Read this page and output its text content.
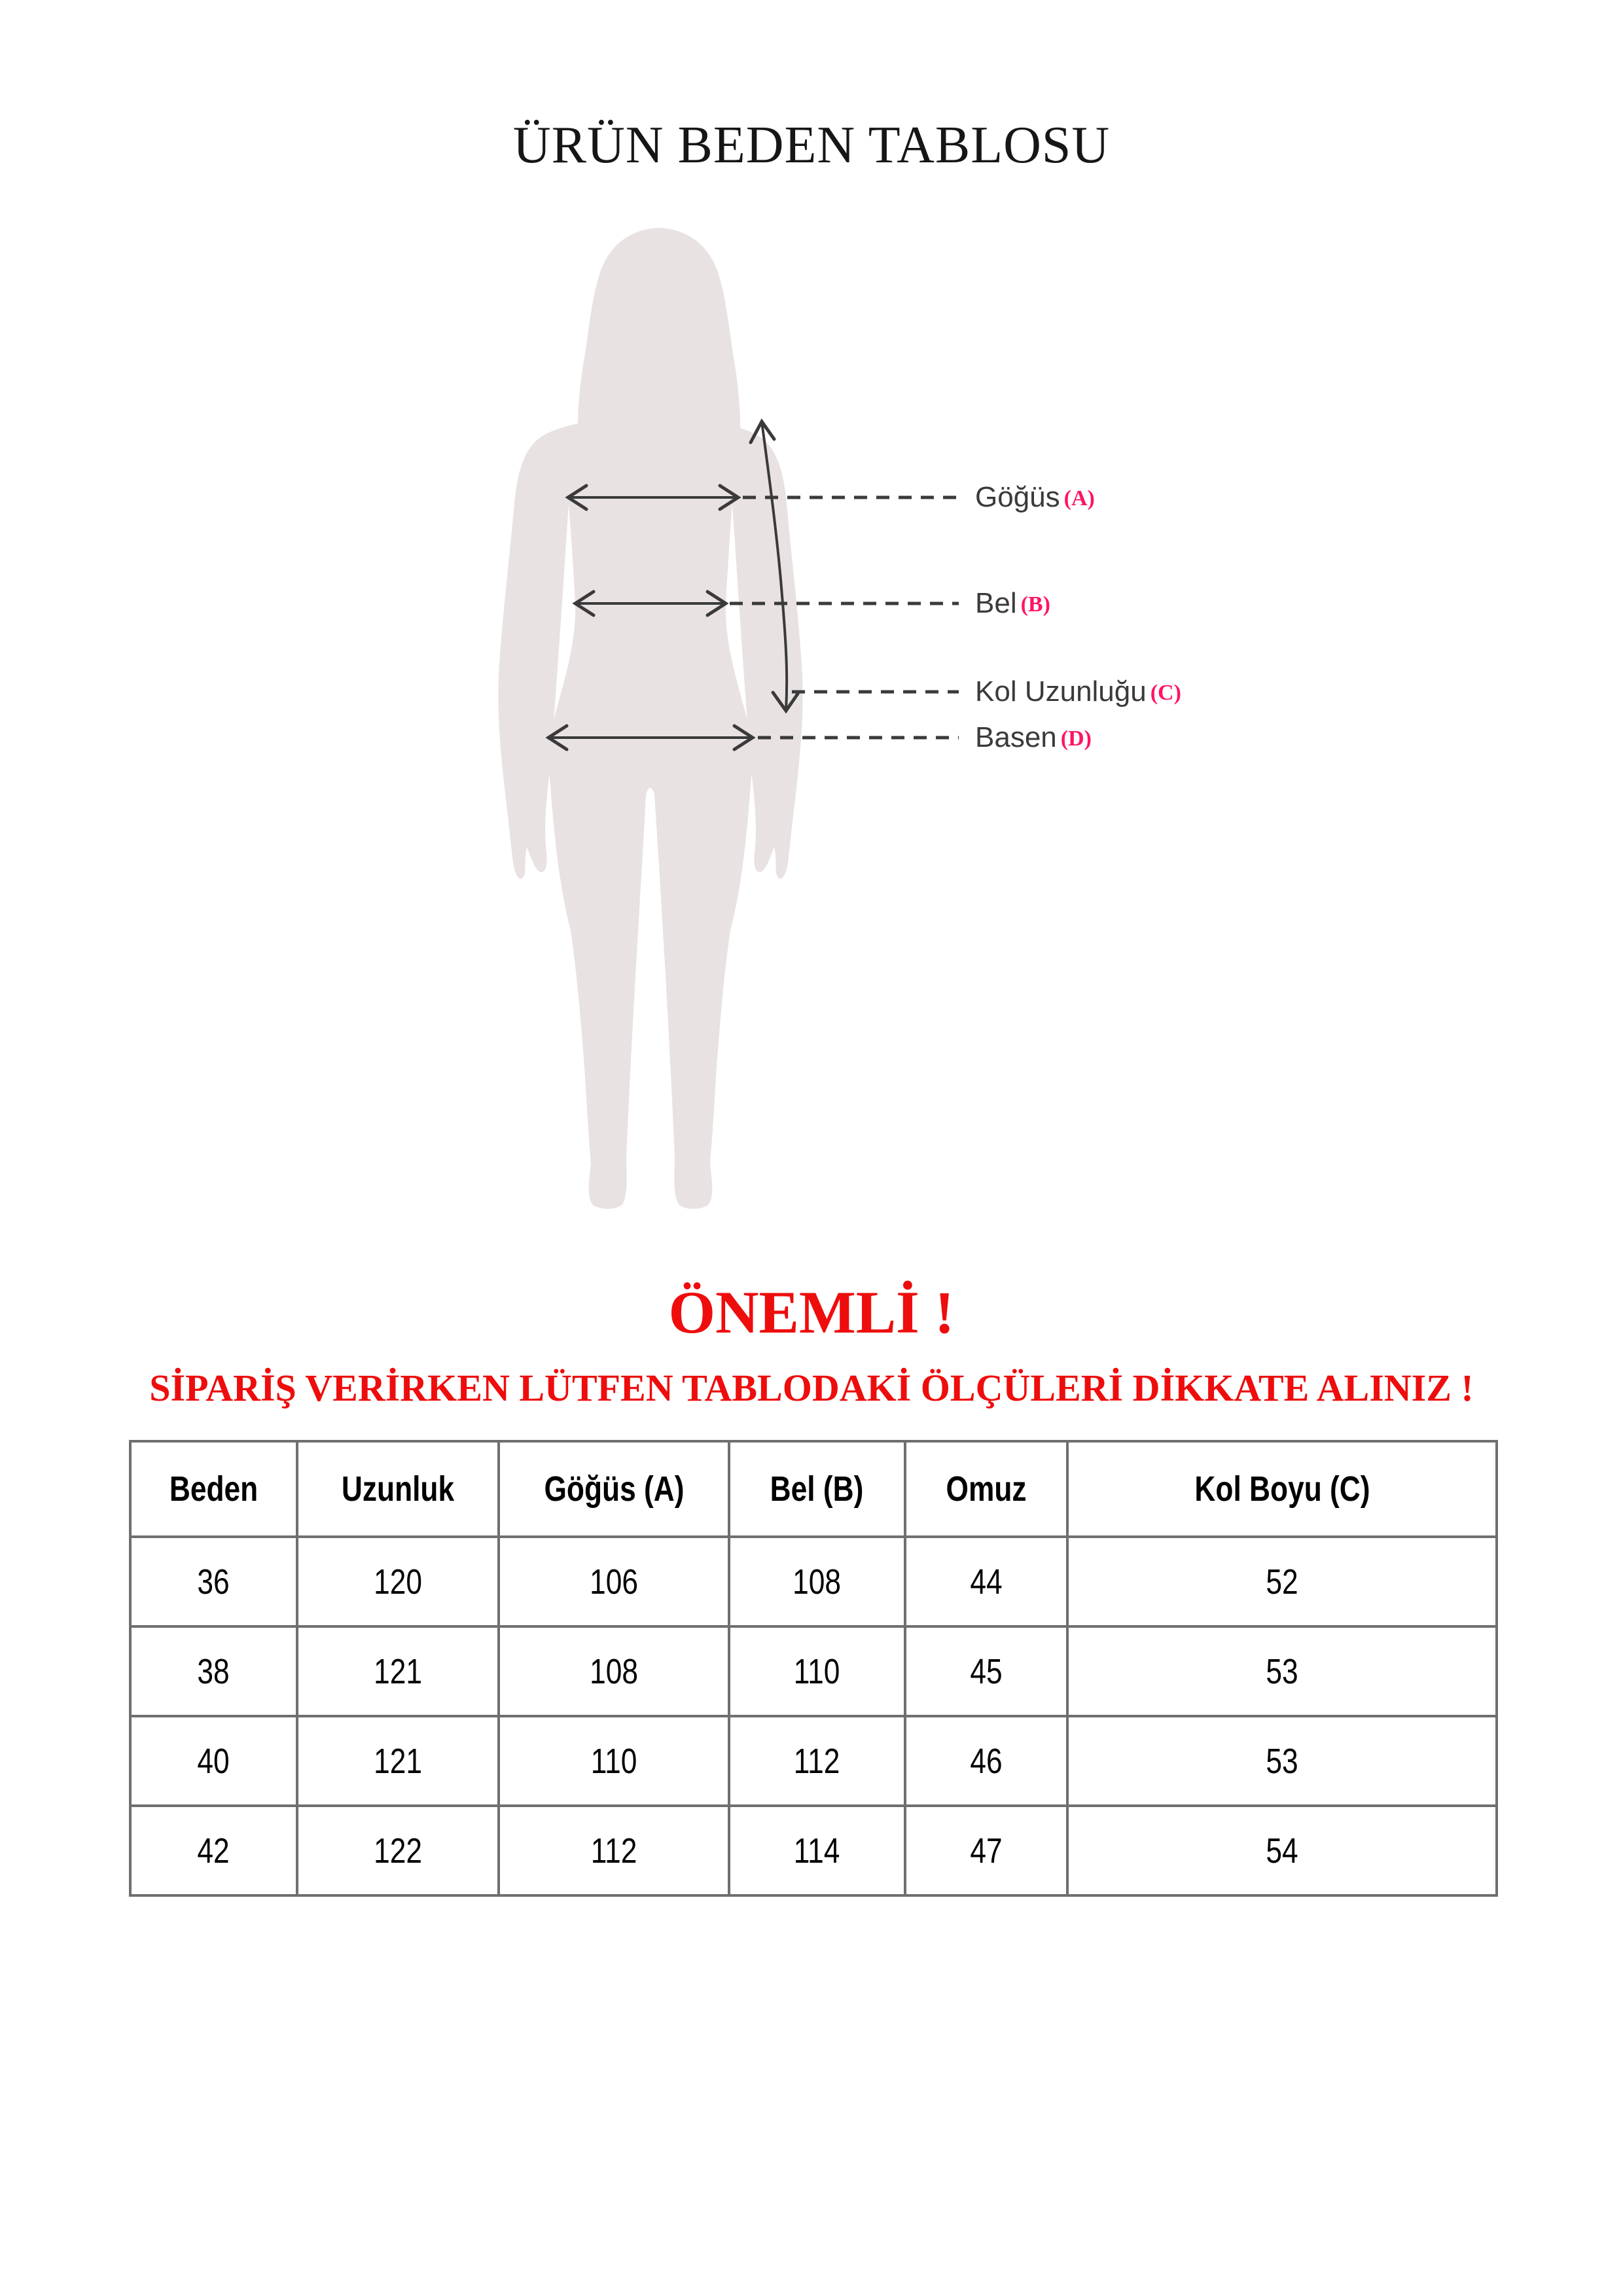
ÜRÜN BEDEN TABLOSU
Göğüs (A)
Bel (B)
Kol Uzunluğu (C)
Basen (D)
ÖNEMLİ !
SİPARİŞ VERİRKEN LÜTFEN TABLODAKİ ÖLÇÜLERİ DİKKATE ALINIZ !
Beden	Uzunluk	Göğüs (A)	Bel (B)	Omuz	Kol Boyu (C)
36	120	106	108	44	52
38	121	108	110	45	53
40	121	110	112	46	53
42	122	112	114	47	54
